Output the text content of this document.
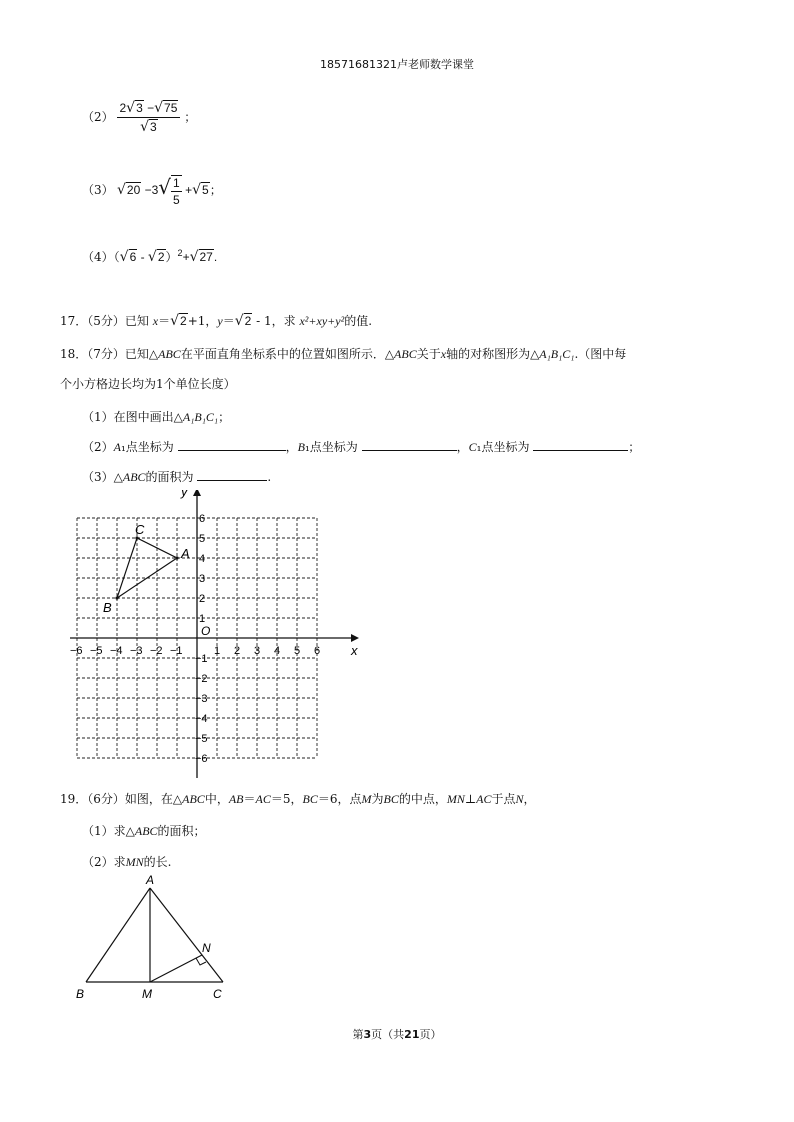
18571681321卢老师数学课堂
$(2) \frac{2√3 -√75}{√3}$ ；
（3） $√20 -3√ \frac{1}{5} +√5$；
（4）（√6 - √2）$^2$+√27.
17．（5分）已知 x＝√2+1，y＝√2 - 1，求 x²+xy+y²的值.
18．（7分）已知△ABC在平面直角坐标系中的位置如图所示．△ABC关于x轴的对称图形为△A₁B₁C₁.（图中每
个小方格边长均为1个单位长度）
（1）在图中画出△A₁B₁C₁；
（2）A₁点坐标为	，B₁点坐标为	，C₁点坐标为	；
（3）△ABC的面积为	.
−6 −5 −4 −3 −2 −1	1 2 3 4 5 6
6
5
4
3
2
1
−1
−2
−3
−4
−5
−6
x
y
O
A
B
C
19．（6分）如图，在△ABC中，AB＝AC＝5，BC＝6，点M为BC的中点，MN⊥AC于点N，
（1）求△ABC的面积；
（2）求MN的长.
A
B	M	C
N
第3页（共21页）
